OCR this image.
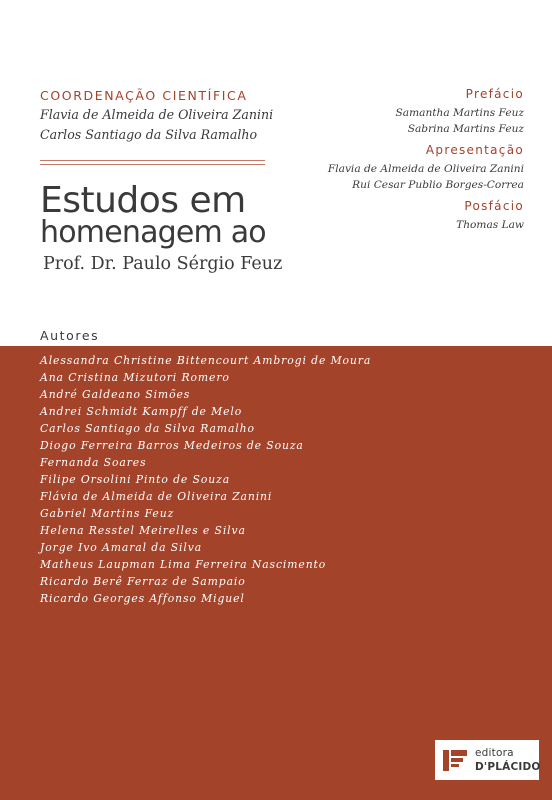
COORDENAÇÃO CIENTÍFICA
Flavia de Almeida de Oliveira Zanini
Carlos Santiago da Silva Ramalho
Estudos em
homenagem ao
Prof. Dr. Paulo Sérgio Feuz
Prefácio
Samantha Martins Feuz
Sabrina Martins Feuz
Apresentação
Flavia de Almeida de Oliveira Zanini
Rui Cesar Publio Borges-Correa
Posfácio
Thomas Law
Autores
Alessandra Christine Bittencourt Ambrogi de Moura
Ana Cristina Mizutori Romero
André Galdeano Simões
Andrei Schmidt Kampff de Melo
Carlos Santiago da Silva Ramalho
Diogo Ferreira Barros Medeiros de Souza
Fernanda Soares
Filipe Orsolini Pinto de Souza
Flávia de Almeida de Oliveira Zanini
Gabriel Martins Feuz
Helena Resstel Meirelles e Silva
Jorge Ivo Amaral da Silva
Matheus Laupman Lima Ferreira Nascimento
Ricardo Berê Ferraz de Sampaio
Ricardo Georges Affonso Miguel
editora
D'PLÁCIDO
